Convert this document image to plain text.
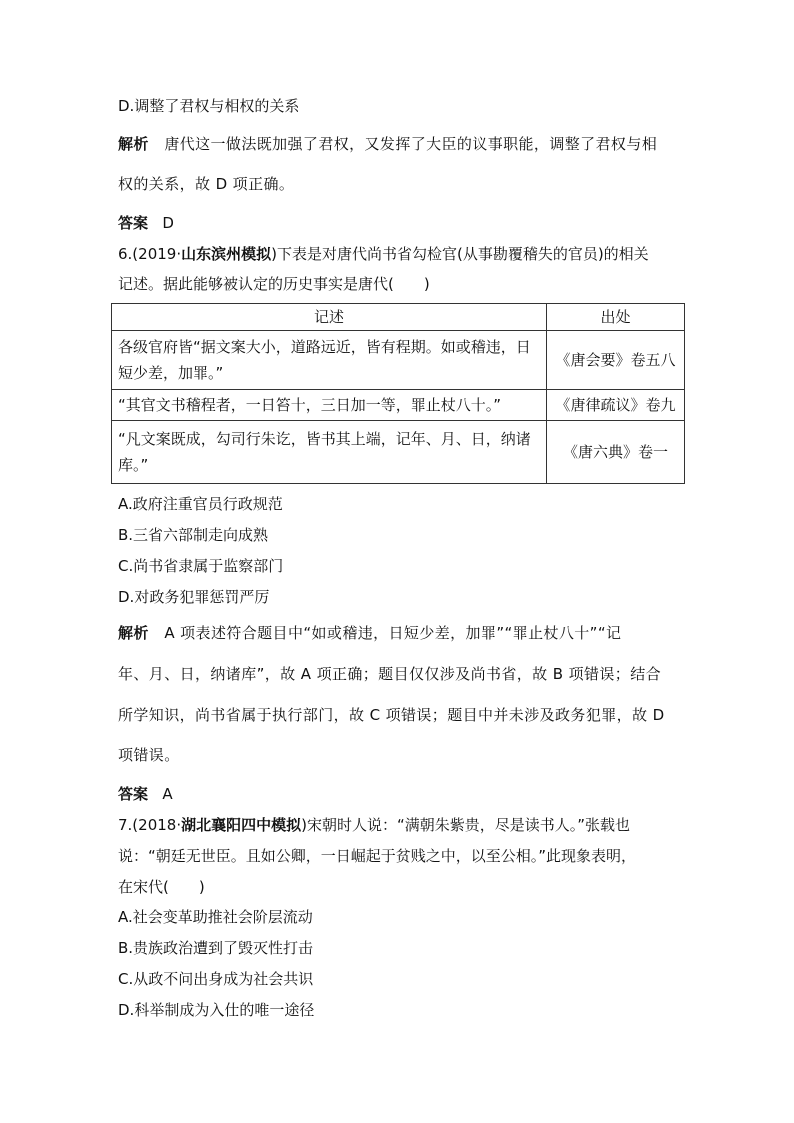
D.调整了君权与相权的关系
解析 唐代这一做法既加强了君权，又发挥了大臣的议事职能，调整了君权与相
权的关系，故 D 项正确。
答案 D
6.(2019·山东滨州模拟)下表是对唐代尚书省勾检官(从事勘覆稽失的官员)的相关
记述。据此能够被认定的历史事实是唐代(　　)
记述	出处
各级官府皆“据文案大小，道路远近，皆有程期。如或稽违，日短少差，加罪。”	《唐会要》卷五八
“其官文书稽程者，一日笞十，三日加一等，罪止杖八十。”	《唐律疏议》卷九
“凡文案既成，勾司行朱讫，皆书其上端，记年、月、日，纳诸库。”	《唐六典》卷一
A.政府注重官员行政规范
B.三省六部制走向成熟
C.尚书省隶属于监察部门
D.对政务犯罪惩罚严厉
解析 A 项表述符合题目中“如或稽违，日短少差，加罪”“罪止杖八十”“记
年、月、日，纳诸库”，故 A 项正确；题目仅仅涉及尚书省，故 B 项错误；结合
所学知识，尚书省属于执行部门，故 C 项错误；题目中并未涉及政务犯罪，故 D
项错误。
答案 A
7.(2018·湖北襄阳四中模拟)宋朝时人说：“满朝朱紫贵，尽是读书人。”张载也
说：“朝廷无世臣。且如公卿，一日崛起于贫贱之中，以至公相。”此现象表明，
在宋代(　　)
A.社会变革助推社会阶层流动
B.贵族政治遭到了毁灭性打击
C.从政不问出身成为社会共识
D.科举制成为入仕的唯一途径
